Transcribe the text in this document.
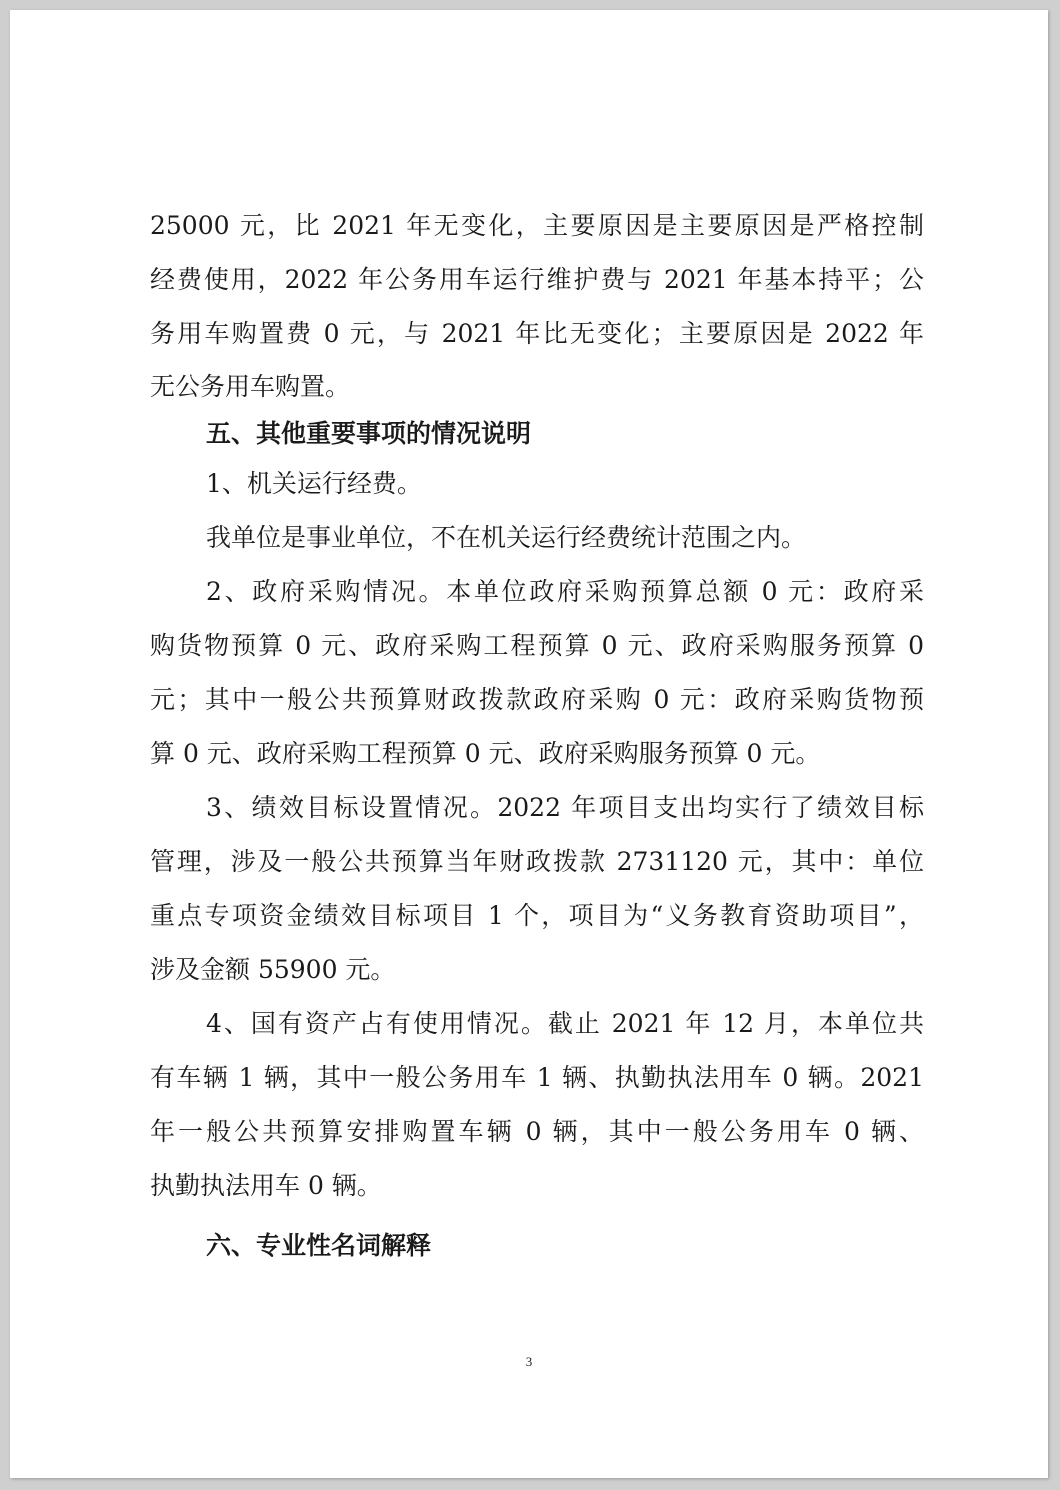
25000 元，比 2021 年无变化，主要原因是主要原因是严格控制
经费使用，2022 年公务用车运行维护费与 2021 年基本持平；公
务用车购置费 0 元，与 2021 年比无变化；主要原因是 2022 年
无公务用车购置。
五、其他重要事项的情况说明
1、机关运行经费。
我单位是事业单位，不在机关运行经费统计范围之内。
2、政府采购情况。本单位政府采购预算总额 0 元：政府采
购货物预算 0 元、政府采购工程预算 0 元、政府采购服务预算 0
元；其中一般公共预算财政拨款政府采购 0 元：政府采购货物预
算 0 元、政府采购工程预算 0 元、政府采购服务预算 0 元。
3、绩效目标设置情况。2022 年项目支出均实行了绩效目标
管理，涉及一般公共预算当年财政拨款 2731120 元，其中：单位
重点专项资金绩效目标项目 1 个，项目为“义务教育资助项目”，
涉及金额 55900 元。
4、国有资产占有使用情况。截止 2021 年 12 月，本单位共
有车辆 1 辆，其中一般公务用车 1 辆、执勤执法用车 0 辆。2021
年一般公共预算安排购置车辆 0 辆，其中一般公务用车 0 辆、
执勤执法用车 0 辆。
六、专业性名词解释
3
